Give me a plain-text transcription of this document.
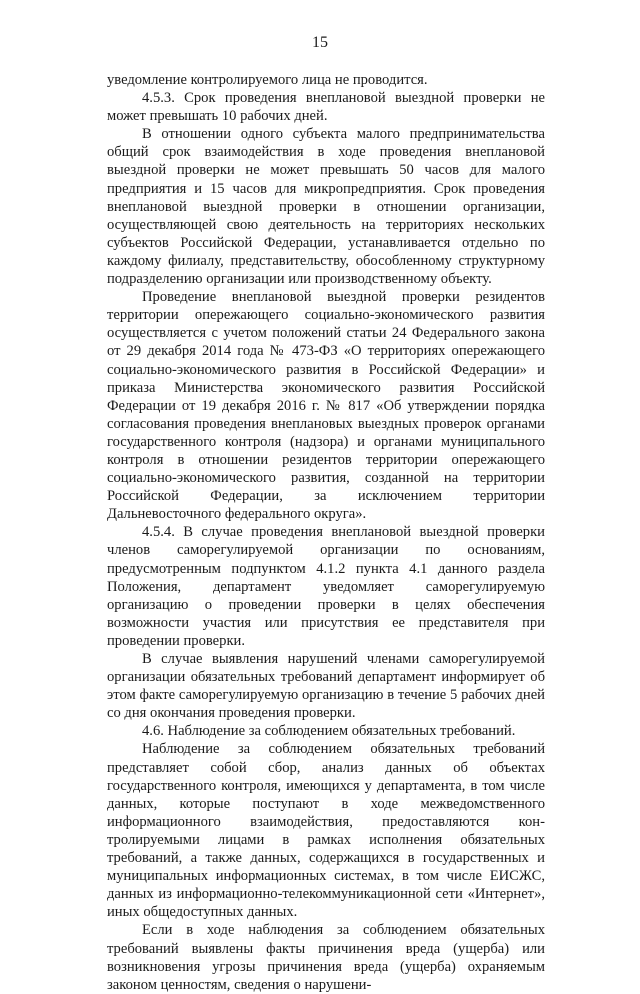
15

уведомление контролируемого лица не проводится.

4.5.3. Срок проведения внеплановой выездной проверки не может превышать 10 рабочих дней.

В отношении одного субъекта малого предпринимательства общий срок взаимодействия в ходе проведения внеплановой выездной проверки не может превышать 50 часов для малого предприятия и 15 часов для микропредприятия. Срок проведения внеплановой выездной проверки в отношении организации, осуществляющей свою деятельность на территориях нескольких субъектов Российской Федерации, устанавливается отдельно по каждому филиалу, представительству, обособленному структурному подразделению организации или производственному объекту.

Проведение внеплановой выездной проверки резидентов территории опережающего социально-экономического развития осуществляется с учетом положений статьи 24 Федерального закона от 29 декабря 2014 года № 473-ФЗ «О территориях опережающего социально-экономического развития в Российской Федерации» и приказа Министерства экономического развития Российской Федерации от 19 декабря 2016 г. № 817 «Об утверждении порядка согласования проведения внеплановых выездных проверок органами государственного контроля (надзора) и органами муниципального контроля в отношении резидентов территории опережающего социально-экономического развития, созданной на территории Российской Федерации, за исключением территории Дальневосточного федерального округа».

4.5.4. В случае проведения внеплановой выездной проверки членов саморегулируемой организации по основаниям, предусмотренным подпунктом 4.1.2 пункта 4.1 данного раздела Положения, департамент уведомляет саморегулируемую организацию о проведении проверки в целях обеспечения возможности участия или присутствия ее представителя при проведении проверки.

В случае выявления нарушений членами саморегулируемой организации обязательных требований департамент информирует об этом факте саморегулируемую организацию в течение 5 рабочих дней со дня окончания проведения проверки.

4.6. Наблюдение за соблюдением обязательных требований.

Наблюдение за соблюдением обязательных требований представляет собой сбор, анализ данных об объектах государственного контроля, имеющихся у департамента, в том числе данных, которые поступают в ходе межведомственного информационного взаимодействия, предоставляются контролируемыми лицами в рамках исполнения обязательных требований, а также данных, содержащихся в государственных и муниципальных информационных системах, в том числе ЕИСЖС, данных из информационно-телекоммуникационной сети «Интернет», иных общедоступных данных.

Если в ходе наблюдения за соблюдением обязательных требований выявлены факты причинения вреда (ущерба) или возникновения угрозы причинения вреда (ущерба) охраняемым законом ценностям, сведения о нарушени-
